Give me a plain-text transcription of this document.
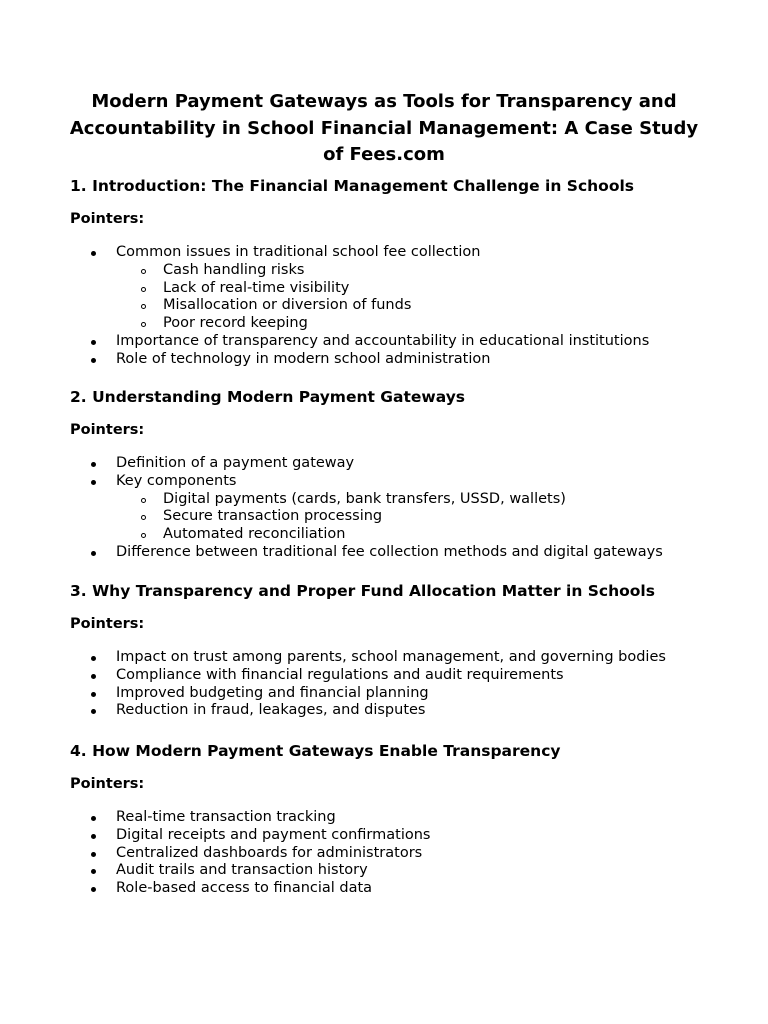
Modern Payment Gateways as Tools for Transparency and Accountability in School Financial Management: A Case Study of Fees.com
1. Introduction: The Financial Management Challenge in Schools
Pointers:
Common issues in traditional school fee collection
Cash handling risks
Lack of real-time visibility
Misallocation or diversion of funds
Poor record keeping
Importance of transparency and accountability in educational institutions
Role of technology in modern school administration
2. Understanding Modern Payment Gateways
Pointers:
Definition of a payment gateway
Key components
Digital payments (cards, bank transfers, USSD, wallets)
Secure transaction processing
Automated reconciliation
Difference between traditional fee collection methods and digital gateways
3. Why Transparency and Proper Fund Allocation Matter in Schools
Pointers:
Impact on trust among parents, school management, and governing bodies
Compliance with financial regulations and audit requirements
Improved budgeting and financial planning
Reduction in fraud, leakages, and disputes
4. How Modern Payment Gateways Enable Transparency
Pointers:
Real-time transaction tracking
Digital receipts and payment confirmations
Centralized dashboards for administrators
Audit trails and transaction history
Role-based access to financial data
